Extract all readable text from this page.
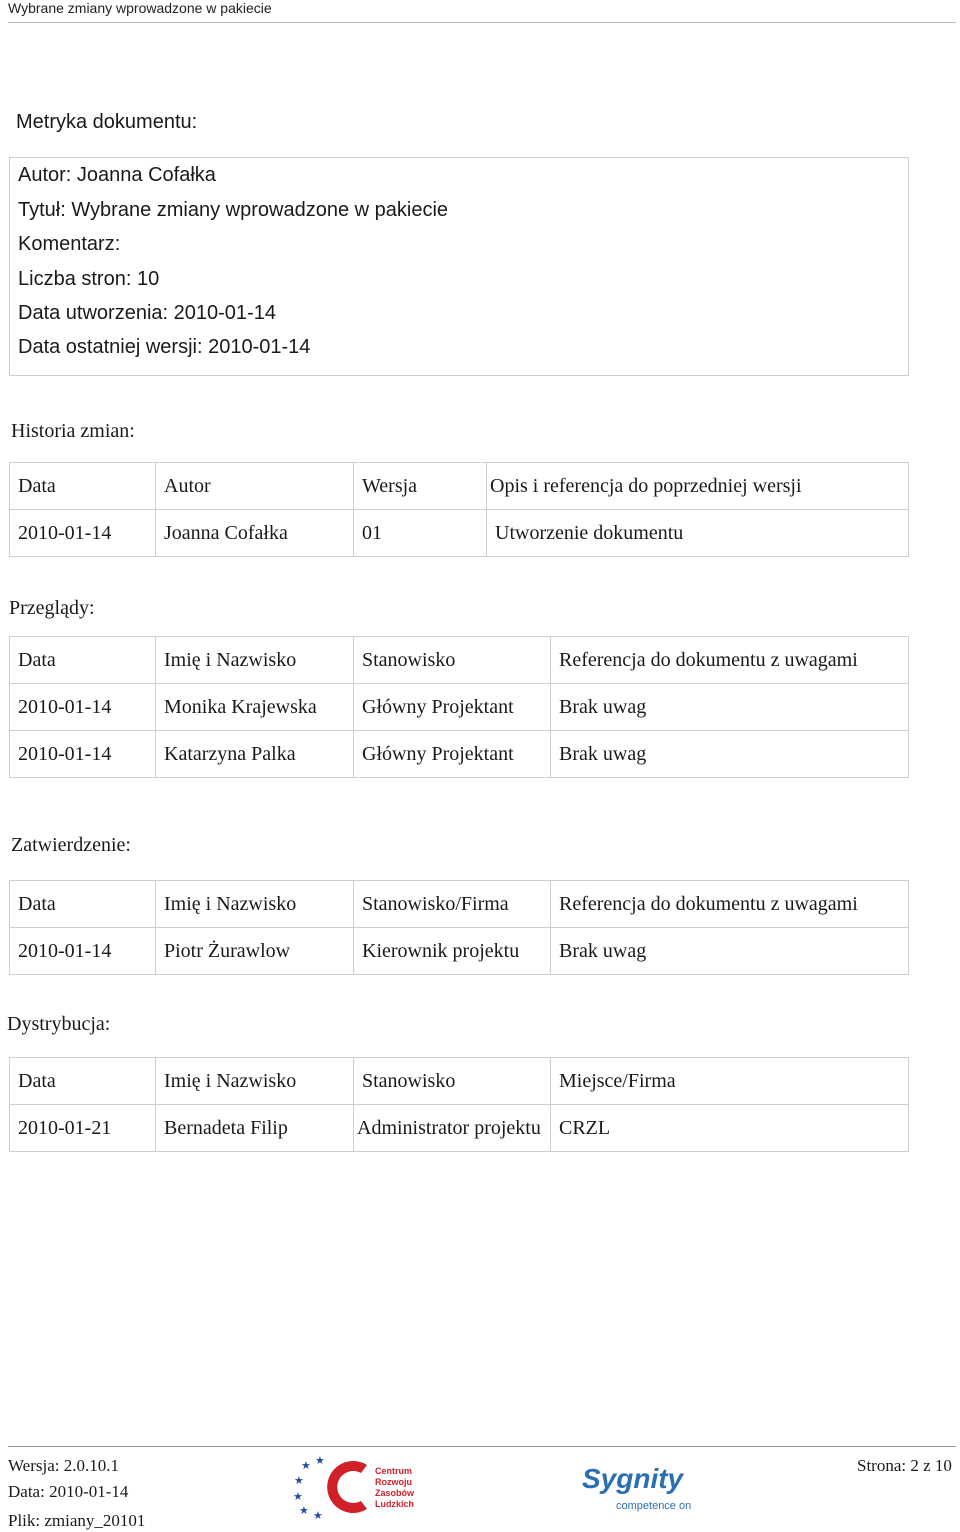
Wybrane zmiany wprowadzone w pakiecie
Metryka dokumentu:
Autor: Joanna Cofałka
Tytuł: Wybrane zmiany wprowadzone w pakiecie
Komentarz:
Liczba stron: 10
Data utworzenia: 2010-01-14
Data ostatniej wersji: 2010-01-14
Historia zmian:
Data	Autor	Wersja	Opis i referencja do poprzedniej wersji
2010-01-14	Joanna Cofałka	01	Utworzenie dokumentu
Przeglądy:
Data	Imię i Nazwisko	Stanowisko	Referencja do dokumentu z uwagami
2010-01-14	Monika Krajewska	Główny Projektant	Brak uwag
2010-01-14	Katarzyna Palka	Główny Projektant	Brak uwag
Zatwierdzenie:
Data	Imię i Nazwisko	Stanowisko/Firma	Referencja do dokumentu z uwagami
2010-01-14	Piotr Żurawlow	Kierownik projektu	Brak uwag
Dystrybucja:
Data	Imię i Nazwisko	Stanowisko	Miejsce/Firma
2010-01-21	Bernadeta Filip	Administrator projektu	CRZL
Wersja: 2.0.10.1
Data: 2010-01-14
Plik: zmiany_20101
Strona: 2 z 10
★ ★
★
★
★ ★
Centrum
Rozwoju
Zasobów
Ludzkich
Sygnity
competence on
